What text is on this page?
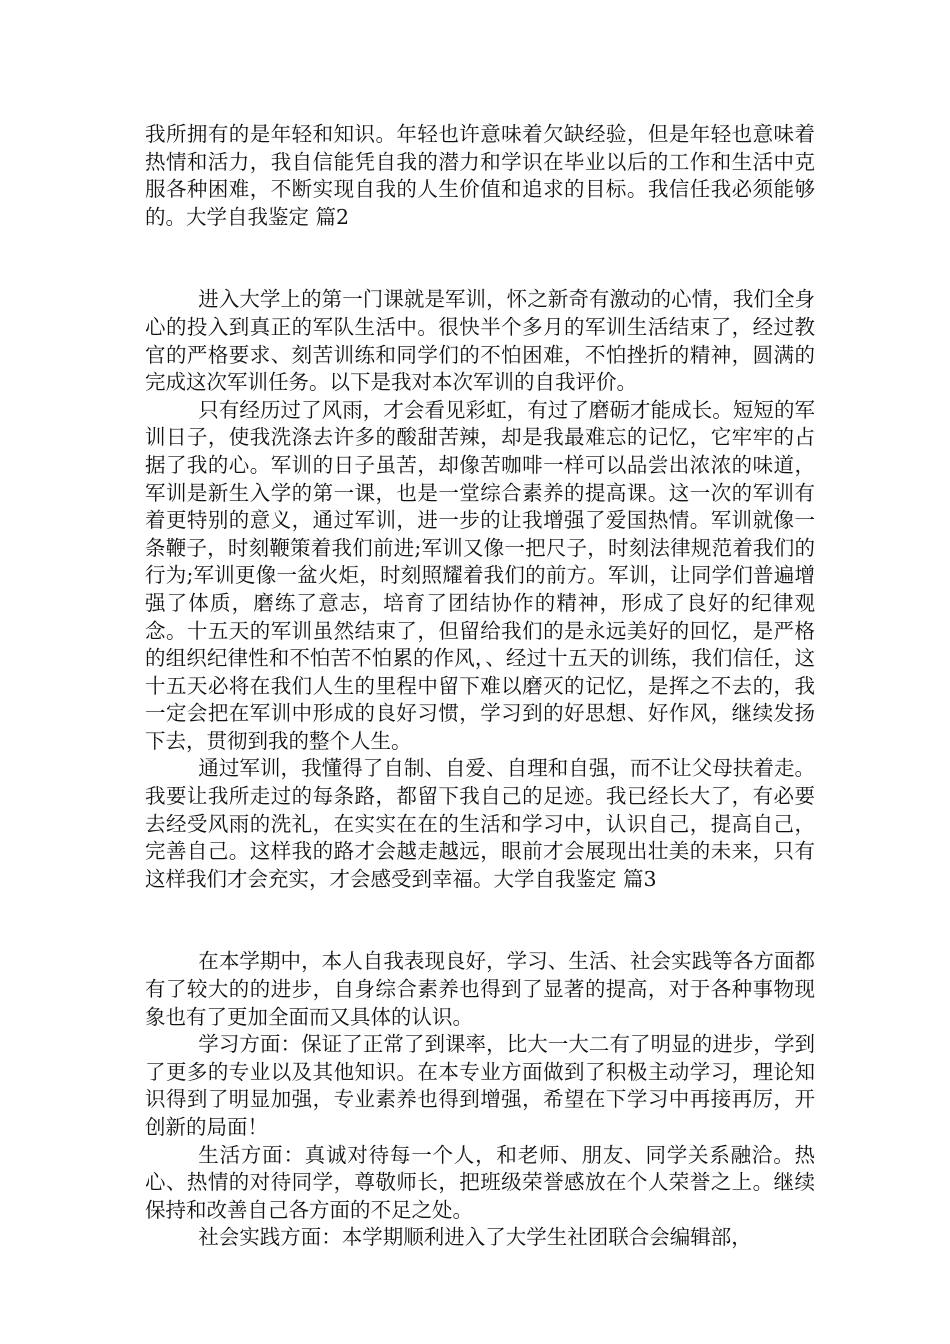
我所拥有的是年轻和知识。年轻也许意味着欠缺经验，但是年轻也意味着热情和活力，我自信能凭自我的潜力和学识在毕业以后的工作和生活中克服各种困难，不断实现自我的人生价值和追求的目标。我信任我必须能够的。大学自我鉴定 篇2

进入大学上的第一门课就是军训，怀之新奇有激动的心情，我们全身心的投入到真正的军队生活中。很快半个多月的军训生活结束了，经过教官的严格要求、刻苦训练和同学们的不怕困难，不怕挫折的精神，圆满的完成这次军训任务。以下是我对本次军训的自我评价。

只有经历过了风雨，才会看见彩虹，有过了磨砺才能成长。短短的军训日子，使我洗涤去许多的酸甜苦辣，却是我最难忘的记忆，它牢牢的占据了我的心。军训的日子虽苦，却像苦咖啡一样可以品尝出浓浓的味道，军训是新生入学的第一课，也是一堂综合素养的提高课。这一次的军训有着更特别的意义，通过军训，进一步的让我增强了爱国热情。军训就像一条鞭子，时刻鞭策着我们前进;军训又像一把尺子，时刻法律规范着我们的行为;军训更像一盆火炬，时刻照耀着我们的前方。军训，让同学们普遍增强了体质，磨练了意志，培育了团结协作的精神，形成了良好的纪律观念。十五天的军训虽然结束了，但留给我们的是永远美好的回忆，是严格的组织纪律性和不怕苦不怕累的作风，、经过十五天的训练，我们信任，这十五天必将在我们人生的里程中留下难以磨灭的记忆，是挥之不去的，我一定会把在军训中形成的良好习惯，学习到的好思想、好作风，继续发扬下去，贯彻到我的整个人生。

通过军训，我懂得了自制、自爱、自理和自强，而不让父母扶着走。我要让我所走过的每条路，都留下我自己的足迹。我已经长大了，有必要去经受风雨的洗礼，在实实在在的生活和学习中，认识自己，提高自己，完善自己。这样我的路才会越走越远，眼前才会展现出壮美的未来，只有这样我们才会充实，才会感受到幸福。大学自我鉴定 篇3

在本学期中，本人自我表现良好，学习、生活、社会实践等各方面都有了较大的的进步，自身综合素养也得到了显著的提高，对于各种事物现象也有了更加全面而又具体的认识。

学习方面：保证了正常了到课率，比大一大二有了明显的进步，学到了更多的专业以及其他知识。在本专业方面做到了积极主动学习，理论知识得到了明显加强，专业素养也得到增强，希望在下学习中再接再厉，开创新的局面！

生活方面：真诚对待每一个人，和老师、朋友、同学关系融洽。热心、热情的对待同学，尊敬师长，把班级荣誉感放在个人荣誉之上。继续保持和改善自己各方面的不足之处。

社会实践方面：本学期顺利进入了大学生社团联合会编辑部，
